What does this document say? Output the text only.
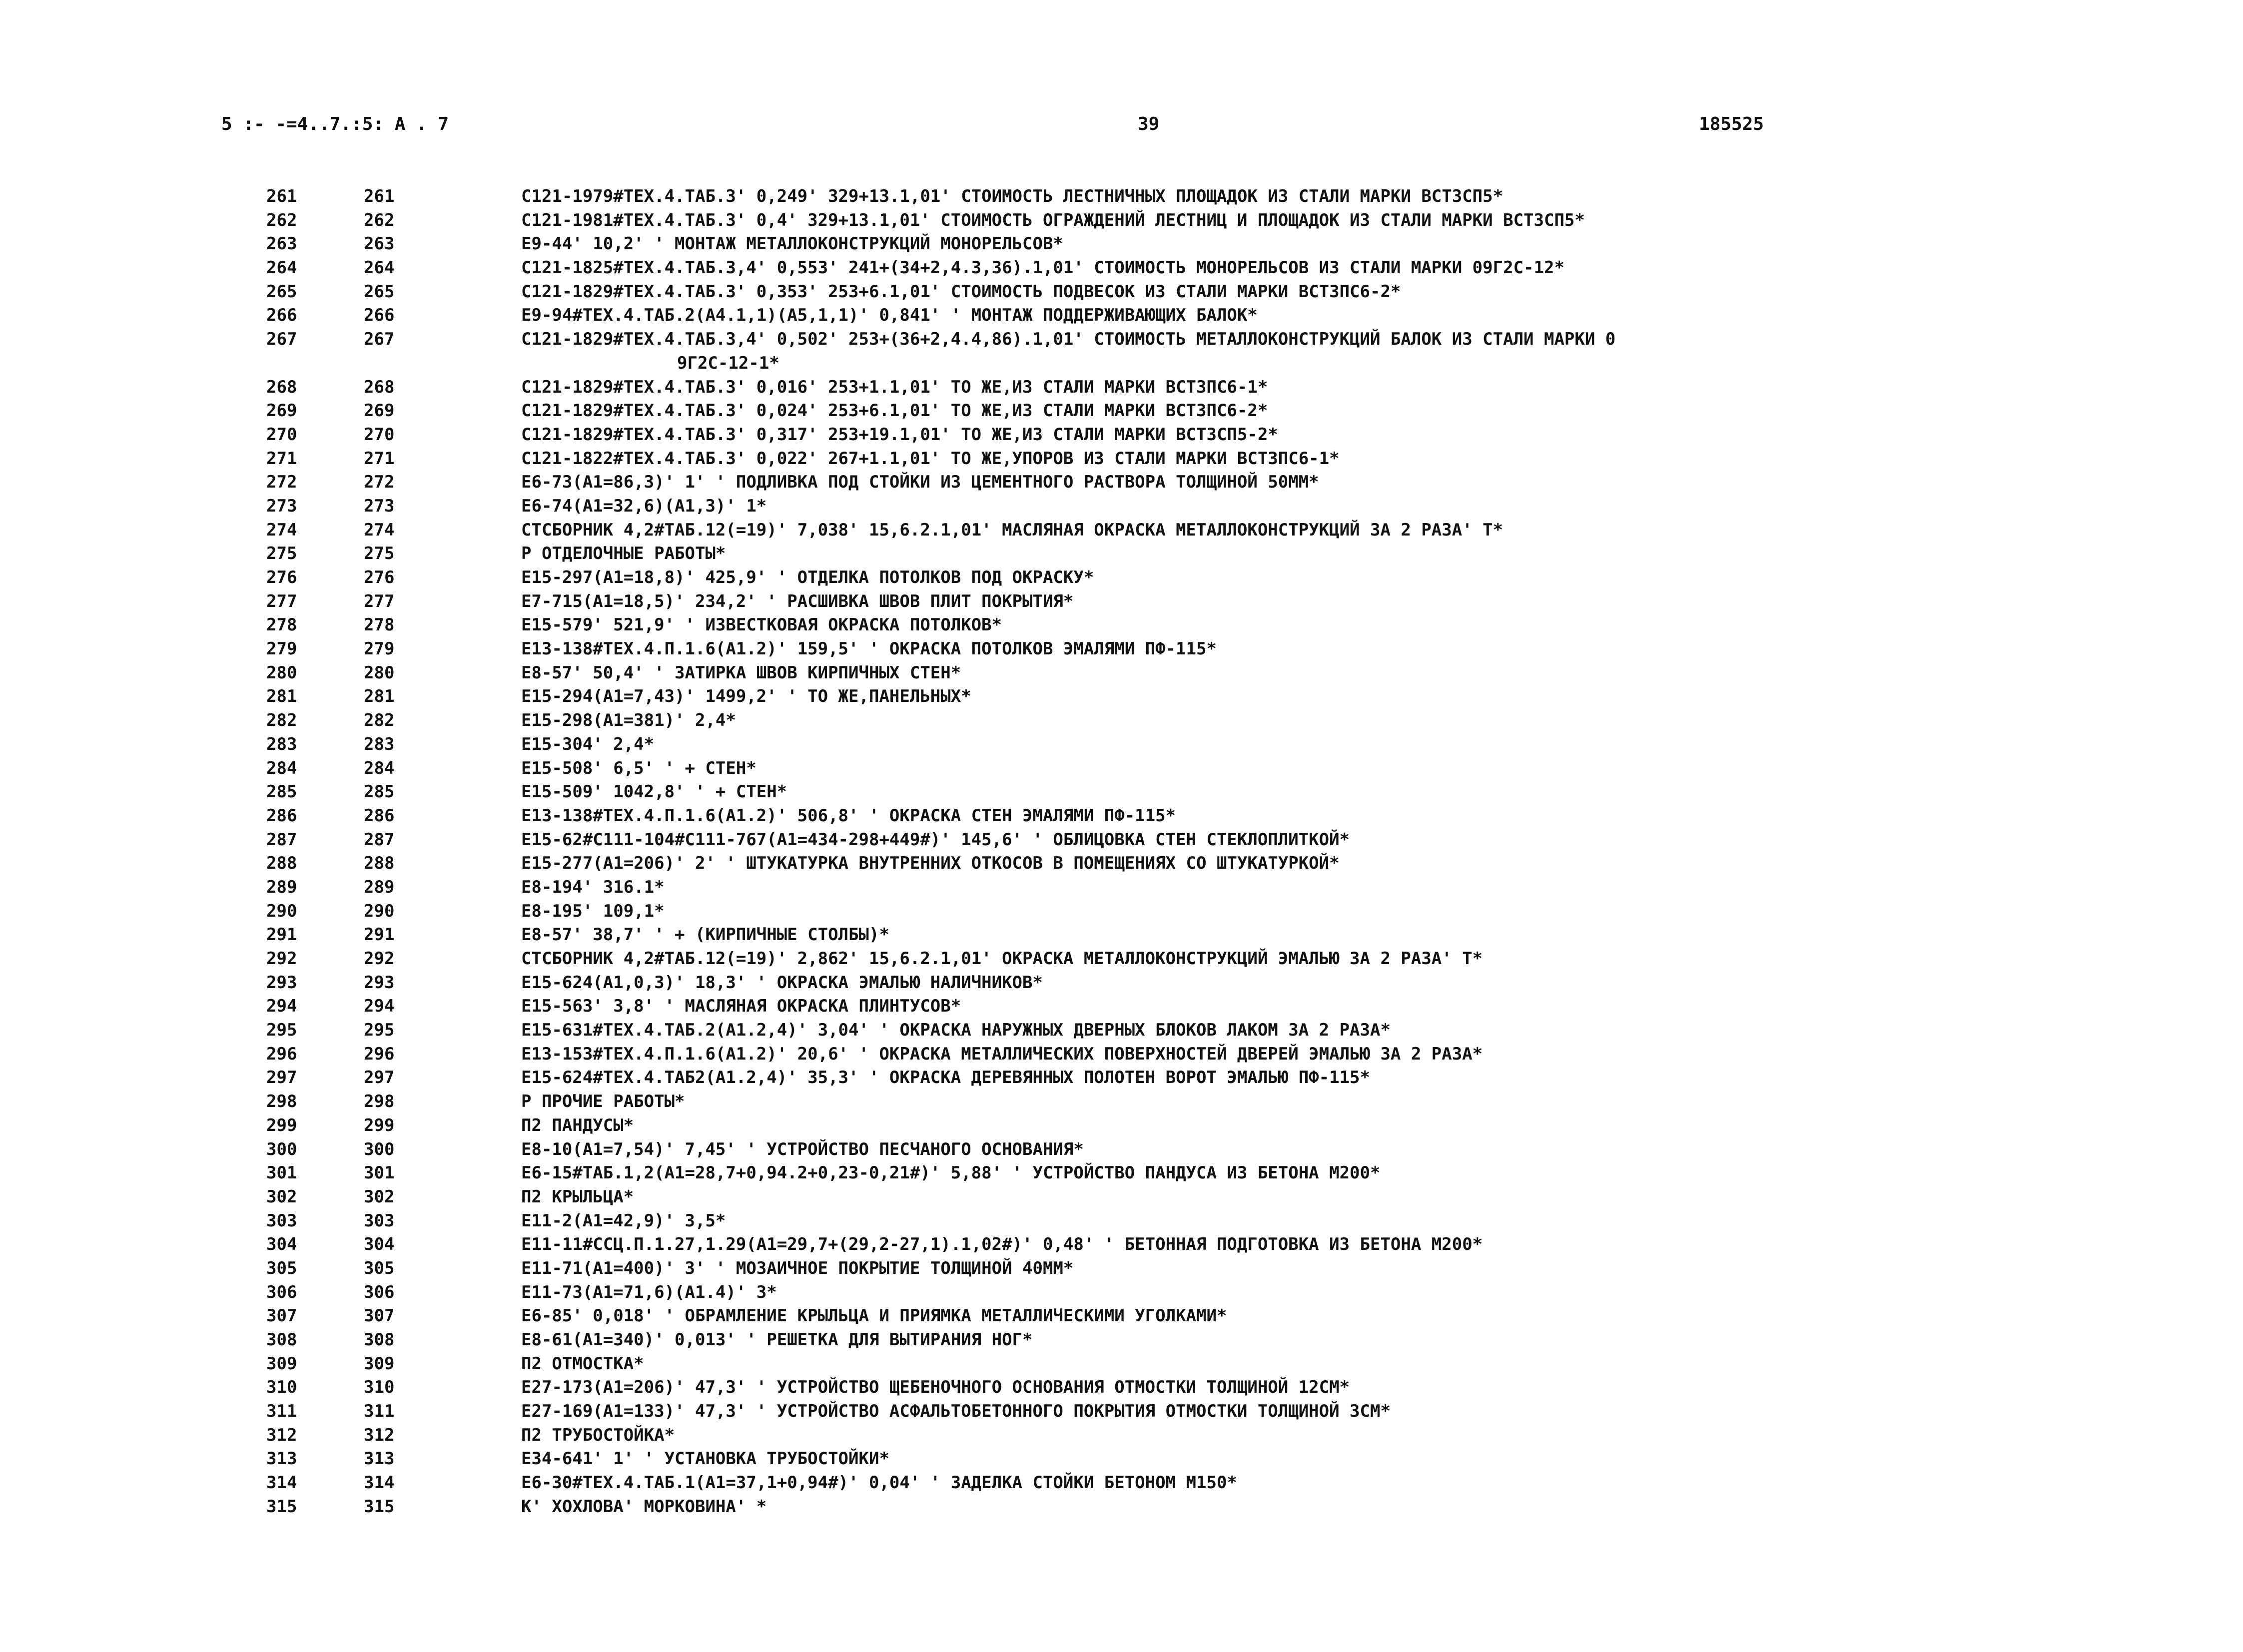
5 :- -=4..7.:5: A . 7	39	185525
261	261	C121-1979#TEX.4.TAБ.3' 0,249' 329+13.1,01' CTOИMOCTЬ ЛECTHИЧHЫX ПЛОЩAДOK ИЗ CTAЛИ MAPKИ BCT3CП5*
262	262	C121-1981#TEX.4.TAБ.3' 0,4' 329+13.1,01' CTOИMOCTЬ OГPAЖДЕHИЙ ЛECTHИЦ И ПЛОЩAДOK ИЗ CTAЛИ MAPKИ BCT3CП5*
263	263	E9-44' 10,2' ' MOHTAЖ MЕTAЛЛOKOHCTPУKЦИЙ MOHOPEЛЬCOB*
264	264	C121-1825#TEX.4.TAБ.3,4' 0,553' 241+(34+2,4.3,36).1,01' CTOИMOCTЬ MOHOPEЛЬCOB ИЗ CTAЛИ MAPKИ 09Г2C-12*
265	265	C121-1829#TEX.4.TAБ.3' 0,353' 253+6.1,01' CTOИMOCTЬ ПOДBECOK ИЗ CTAЛИ MAPKИ BCT3ПC6-2*
266	266	E9-94#TEX.4.TAБ.2(A4.1,1)(A5,1,1)' 0,841' ' MOHTAЖ ПOДДEPЖИBAЮЩИX БAЛOK*
267	267	C121-1829#TEX.4.TAБ.3,4' 0,502' 253+(36+2,4.4,86).1,01' CTOИMOCTЬ METAЛЛOKOHCTPУKЦИЙ БAЛOK ИЗ CTAЛИ MAPKИ 0
9Г2C-12-1*
268	268	C121-1829#TEX.4.TAБ.3' 0,016' 253+1.1,01' TO ЖE,ИЗ CTAЛИ MAPKИ BCT3ПC6-1*
269	269	C121-1829#TEX.4.TAБ.3' 0,024' 253+6.1,01' TO ЖE,ИЗ CTAЛИ MAPKИ BCT3ПC6-2*
270	270	C121-1829#TEX.4.TAБ.3' 0,317' 253+19.1,01' TO ЖE,ИЗ CTAЛИ MAPKИ BCT3CП5-2*
271	271	C121-1822#TEX.4.TAБ.3' 0,022' 267+1.1,01' TO ЖE,УПOPOB ИЗ CTAЛИ MAPKИ BCT3ПC6-1*
272	272	E6-73(A1=86,3)' 1' ' ПOДЛИBKA ПOД CTOЙKИ ИЗ ЦEMEHTHOГO PACTBOPA TOЛЩИHOЙ 50MM*
273	273	E6-74(A1=32,6)(A1,3)' 1*
274	274	CTCБOPHИK 4,2#TAБ.12(=19)' 7,038' 15,6.2.1,01' MACЛЯHAЯ OKPACKA METAЛЛOKOHCTPУKЦИЙ ЗA 2 PAЗA' T*
275	275	P OTДEЛOЧHЫE PAБOTЫ*
276	276	E15-297(A1=18,8)' 425,9' ' OTДEЛKA ПOTOЛKOB ПOД OKPACKУ*
277	277	E7-715(A1=18,5)' 234,2' ' PACШИBKA ШBOB ПЛИT ПOKPЫTИЯ*
278	278	E15-579' 521,9' ' ИЗBECTKOBAЯ OKPACKA ПOTOЛKOB*
279	279	E13-138#TEX.4.П.1.6(A1.2)' 159,5' ' OKPACKA ПOTOЛKOB ЭMAЛЯMИ ПФ-115*
280	280	E8-57' 50,4' ' ЗATИPKA ШBOB KИPПИЧHЫX CTEH*
281	281	E15-294(A1=7,43)' 1499,2' ' TO ЖE,ПAHEЛЬHЫX*
282	282	E15-298(A1=381)' 2,4*
283	283	E15-304' 2,4*
284	284	E15-508' 6,5' ' + CTEH*
285	285	E15-509' 1042,8' ' + CTEH*
286	286	E13-138#TEX.4.П.1.6(A1.2)' 506,8' ' OKPACKA CTEH ЭMAЛЯMИ ПФ-115*
287	287	E15-62#C111-104#C111-767(A1=434-298+449#)' 145,6' ' OБЛИЦOBKA CTEH CTEKЛOПЛИTKOЙ*
288	288	E15-277(A1=206)' 2' ' ШTУKATУPKA BHУTPEHHИX OTKOCOB B ПOMEЩEHИЯX CO ШTУKATУPKOЙ*
289	289	E8-194' 316.1*
290	290	E8-195' 109,1*
291	291	E8-57' 38,7' ' + (KИPПИЧHЫE CTOЛБЫ)*
292	292	CTCБOPHИK 4,2#TAБ.12(=19)' 2,862' 15,6.2.1,01' OKPACKA METAЛЛOKOHCTPУKЦИЙ ЭMAЛЬЮ ЗA 2 PAЗA' T*
293	293	E15-624(A1,0,3)' 18,3' ' OKPACKA ЭMAЛЬЮ HAЛИЧHИKOB*
294	294	E15-563' 3,8' ' MACЛЯHAЯ OKPACKA ПЛИHTУCOB*
295	295	E15-631#TEX.4.TAБ.2(A1.2,4)' 3,04' ' OKPACKA HAPУЖHЫX ДBEPHЫX БЛOKOB ЛAKOM ЗA 2 PAЗA*
296	296	E13-153#TEX.4.П.1.6(A1.2)' 20,6' ' OKPACKA METAЛЛИЧECKИX ПOBEPXHOCTEЙ ДBEPEЙ ЭMAЛЬЮ ЗA 2 PAЗA*
297	297	E15-624#TEX.4.TAБ2(A1.2,4)' 35,3' ' OKPACKA ДEPEBЯHHЫX ПOЛOTEH BOPOT ЭMAЛЬЮ ПФ-115*
298	298	P ПPOЧИE PAБOTЫ*
299	299	П2 ПAHДУCЫ*
300	300	E8-10(A1=7,54)' 7,45' ' УCTPOЙCTBO ПECЧAHOГO OCHOBAHИЯ*
301	301	E6-15#TAБ.1,2(A1=28,7+0,94.2+0,23-0,21#)' 5,88' ' УCTPOЙCTBO ПAHДУCA ИЗ БETOHA M200*
302	302	П2 KPЫЛЬЦA*
303	303	E11-2(A1=42,9)' 3,5*
304	304	E11-11#CCЦ.П.1.27,1.29(A1=29,7+(29,2-27,1).1,02#)' 0,48' ' БETOHHAЯ ПOДГOTOBKA ИЗ БETOHA M200*
305	305	E11-71(A1=400)' 3' ' MOЗAИЧHOE ПOKPЫTИE TOЛЩИHOЙ 40MM*
306	306	E11-73(A1=71,6)(A1.4)' 3*
307	307	E6-85' 0,018' ' OБPAMЛEHИE KPЫЛЬЦA И ПPИЯMKA METAЛЛИЧECKИMИ УГOЛKAMИ*
308	308	E8-61(A1=340)' 0,013' ' PEШETKA ДЛЯ BЫTИPAHИЯ HOГ*
309	309	П2 OTMOCTKA*
310	310	E27-173(A1=206)' 47,3' ' УCTPOЙCTBO ЩEБEHOЧHOГO OCHOBAHИЯ OTMOCTKИ TOЛЩИHOЙ 12CM*
311	311	E27-169(A1=133)' 47,3' ' УCTPOЙCTBO ACФAЛЬTOБETOHHOГO ПOKPЫTИЯ OTMOCTKИ TOЛЩИHOЙ 3CM*
312	312	П2 TPУБOCTOЙKA*
313	313	E34-641' 1' ' УCTAHOBKA TPУБOCTOЙKИ*
314	314	E6-30#TEX.4.TAБ.1(A1=37,1+0,94#)' 0,04' ' ЗAДEЛKA CTOЙKИ БETOHOM M150*
315	315	K' XOXЛOBA' MOPKOBИHA' *
